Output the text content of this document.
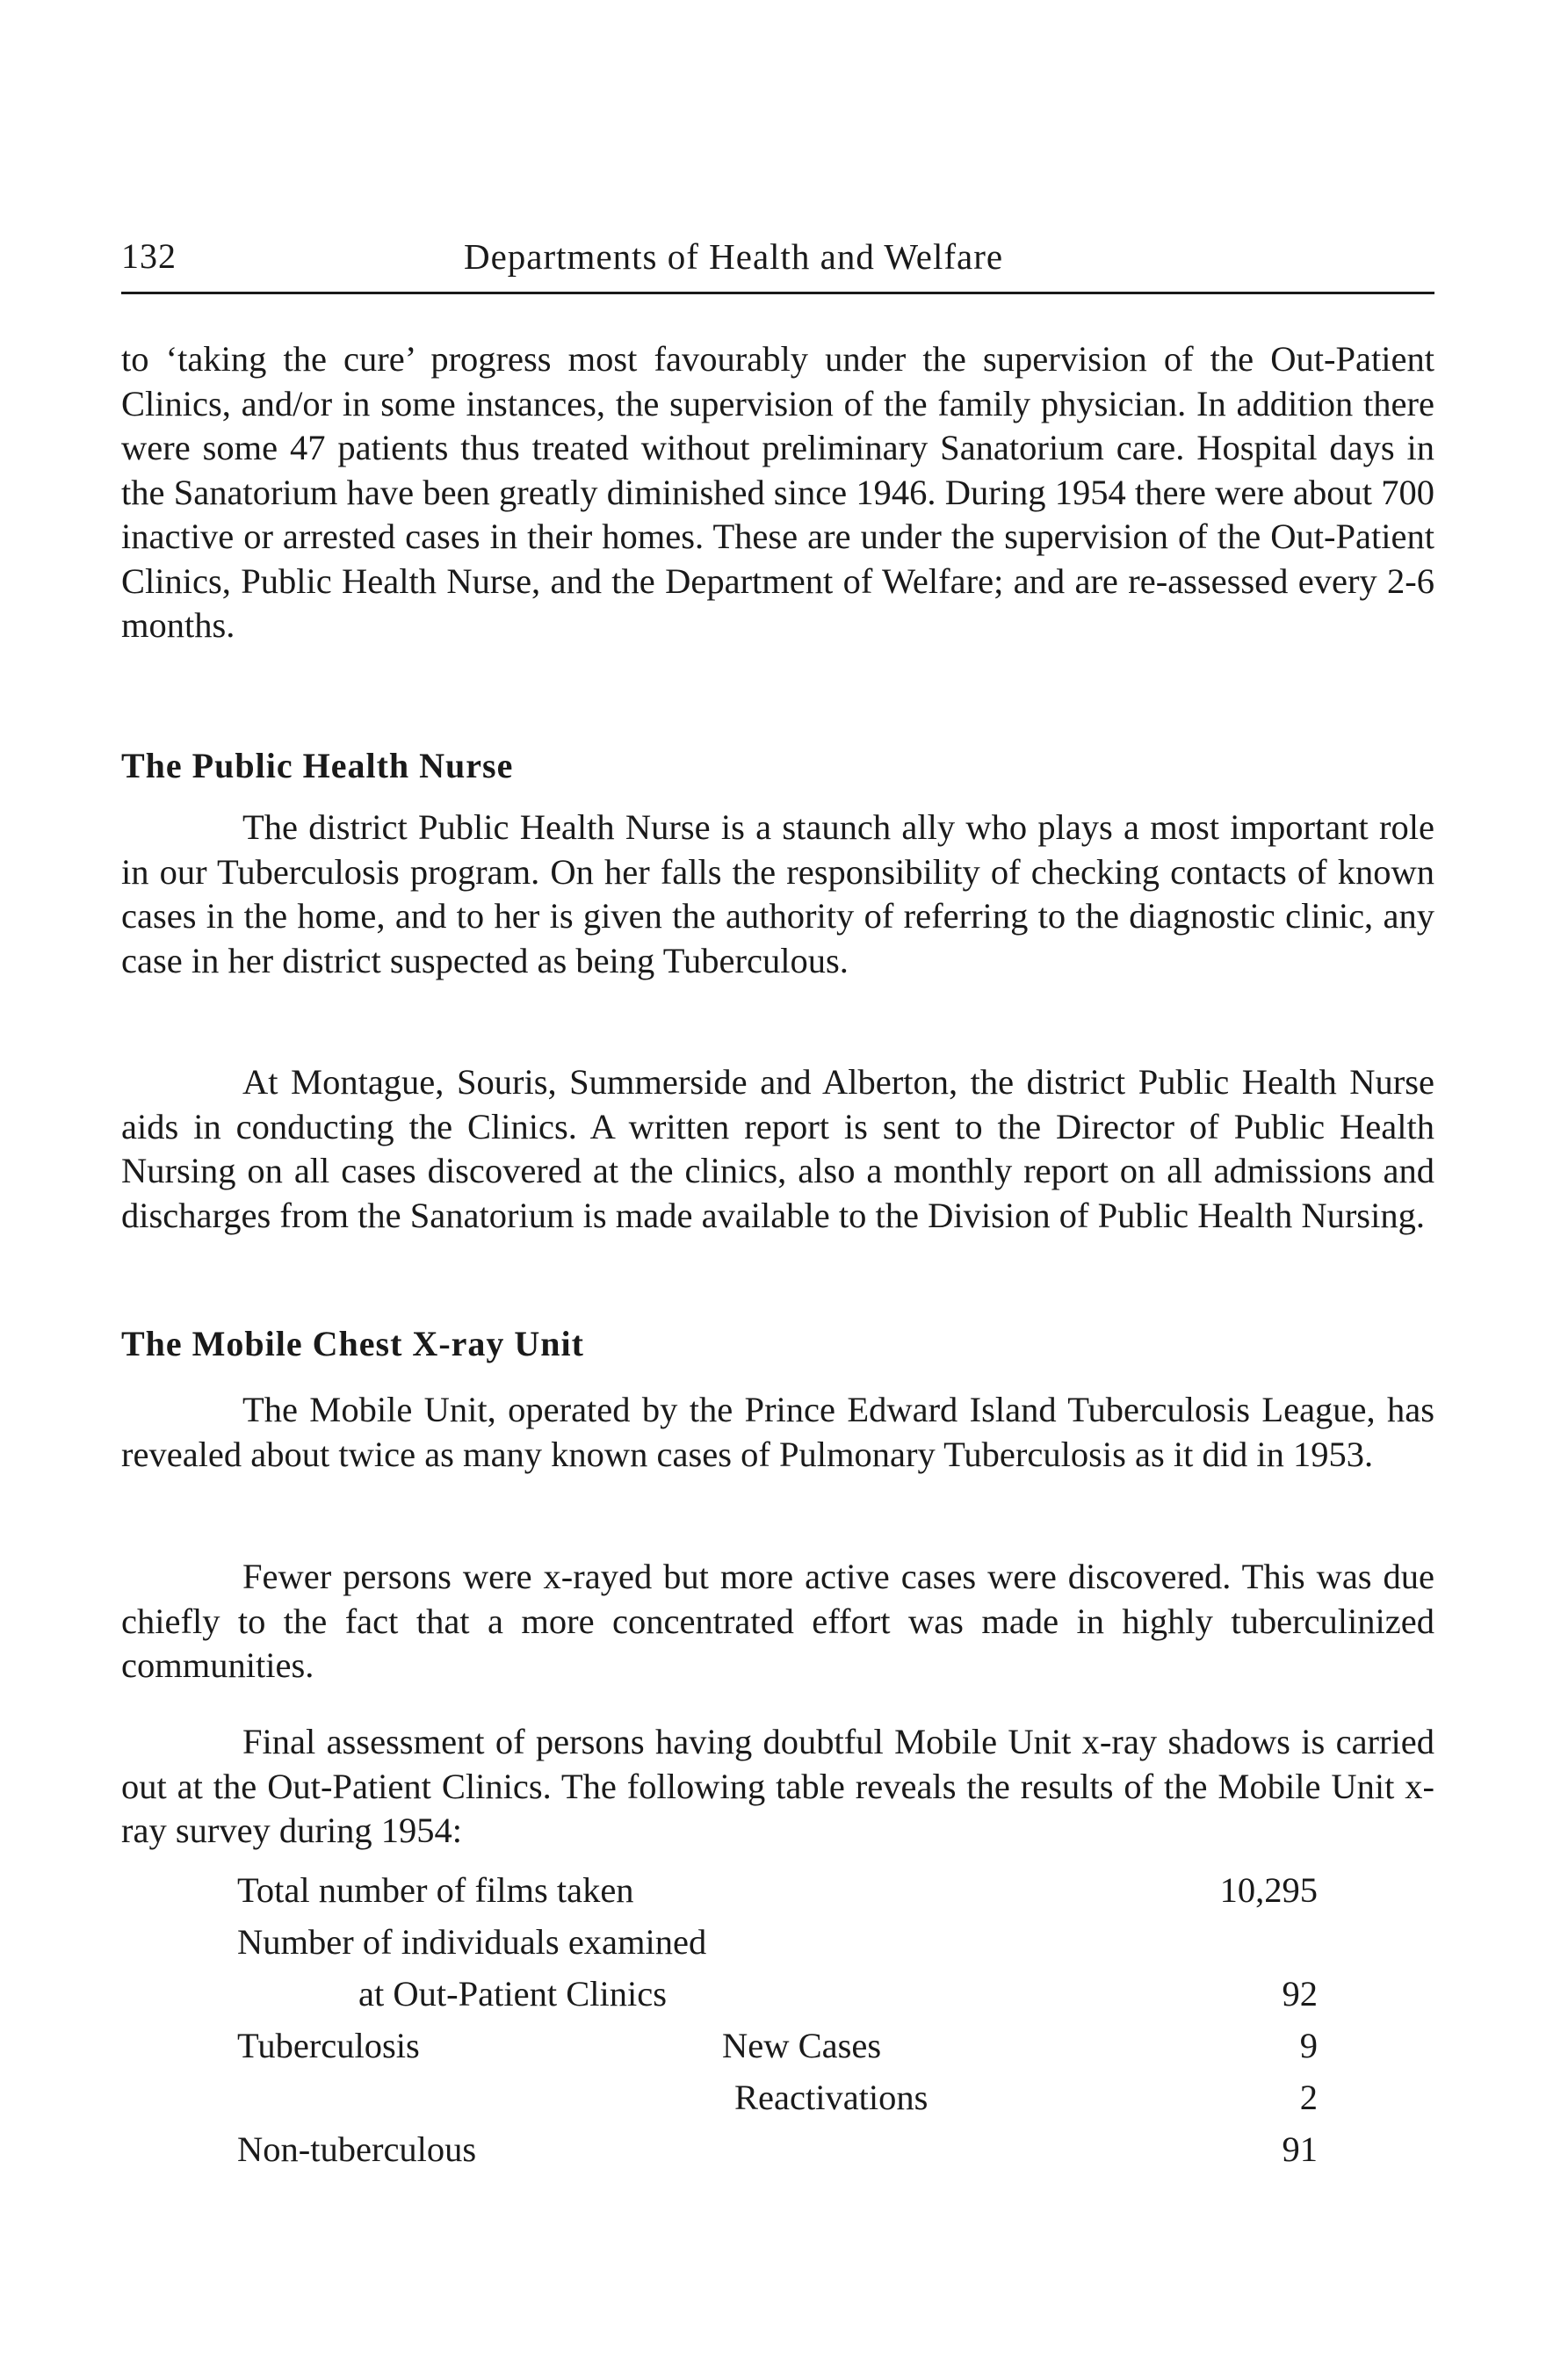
132	Departments of Health and Welfare

to ‘taking the cure’ progress most favourably under the supervision of the Out-Patient Clinics, and/or in some instances, the supervision of the family physician. In addition there were some 47 patients thus treated without preliminary Sanatorium care. Hospital days in the Sanatorium have been greatly diminished since 1946. During 1954 there were about 700 inactive or arrested cases in their homes. These are under the supervision of the Out-Patient Clinics, Public Health Nurse, and the Department of Welfare; and are re-assessed every 2-6 months.

The Public Health Nurse

The district Public Health Nurse is a staunch ally who plays a most important role in our Tuberculosis program. On her falls the responsibility of checking contacts of known cases in the home, and to her is given the authority of referring to the diagnostic clinic, any case in her district suspected as being Tuberculous.

At Montague, Souris, Summerside and Alberton, the district Public Health Nurse aids in conducting the Clinics. A written report is sent to the Director of Public Health Nursing on all cases discovered at the clinics, also a monthly report on all admissions and discharges from the Sanatorium is made available to the Division of Public Health Nursing.

The Mobile Chest X-ray Unit

The Mobile Unit, operated by the Prince Edward Island Tuberculosis League, has revealed about twice as many known cases of Pulmonary Tuberculosis as it did in 1953.

Fewer persons were x-rayed but more active cases were discovered. This was due chiefly to the fact that a more concentrated effort was made in highly tuberculinized communities.

Final assessment of persons having doubtful Mobile Unit x-ray shadows is carried out at the Out-Patient Clinics. The following table reveals the results of the Mobile Unit x-ray survey during 1954:

Total number of films taken	10,295
Number of individuals examined
at Out-Patient Clinics	92
Tuberculosis	New Cases	9
Reactivations	2
Non-tuberculous	91
